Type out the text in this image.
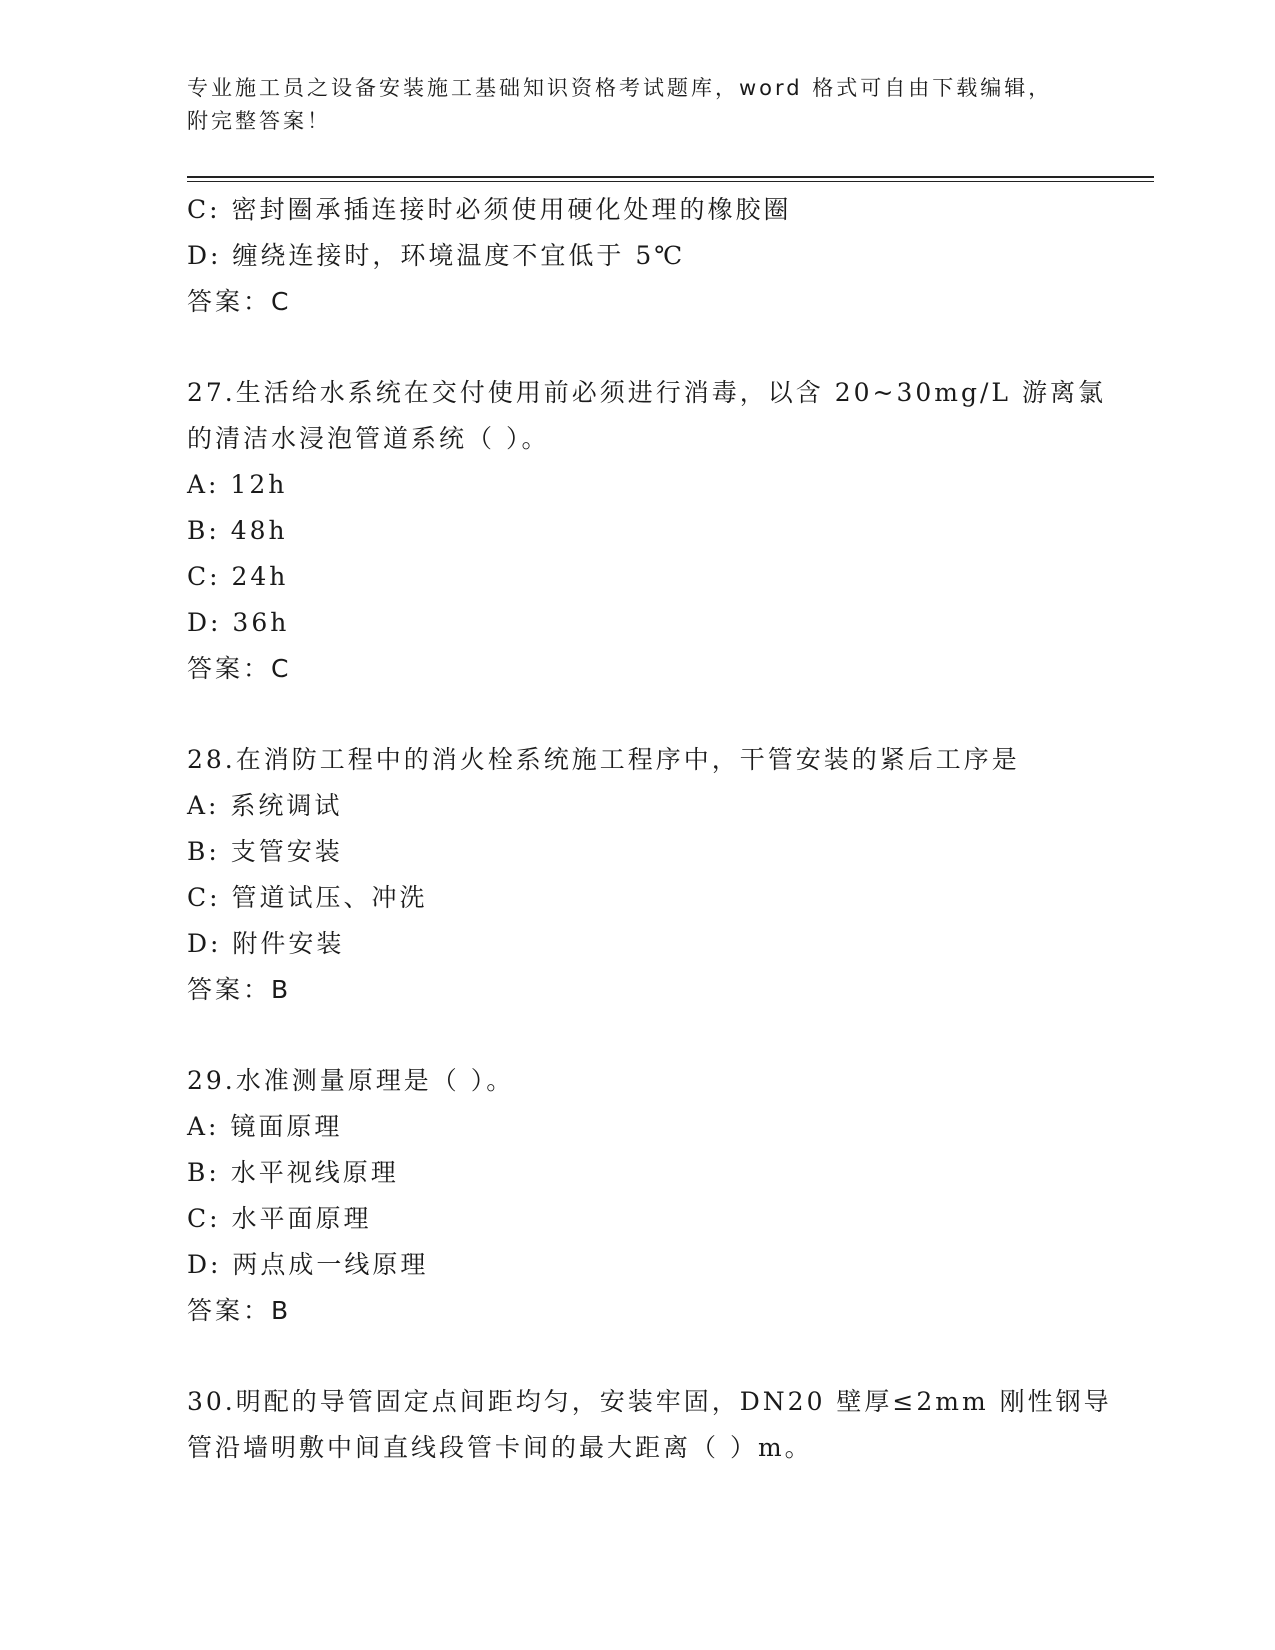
专业施工员之设备安装施工基础知识资格考试题库，word 格式可自由下载编辑，
附完整答案！
C: 密封圈承插连接时必须使用硬化处理的橡胶圈
D: 缠绕连接时，环境温度不宜低于 5℃
答案：C
27.生活给水系统在交付使用前必须进行消毒，以含 20~30mg/L 游离氯
的清洁水浸泡管道系统（ ）。
A: 12h
B: 48h
C: 24h
D: 36h
答案：C
28.在消防工程中的消火栓系统施工程序中，干管安装的紧后工序是
A: 系统调试
B: 支管安装
C: 管道试压、冲洗
D: 附件安装
答案：B
29.水准测量原理是（ ）。
A: 镜面原理
B: 水平视线原理
C: 水平面原理
D: 两点成一线原理
答案：B
30.明配的导管固定点间距均匀，安装牢固，DN20 壁厚≤2mm 刚性钢导
管沿墙明敷中间直线段管卡间的最大距离（ ）m。
